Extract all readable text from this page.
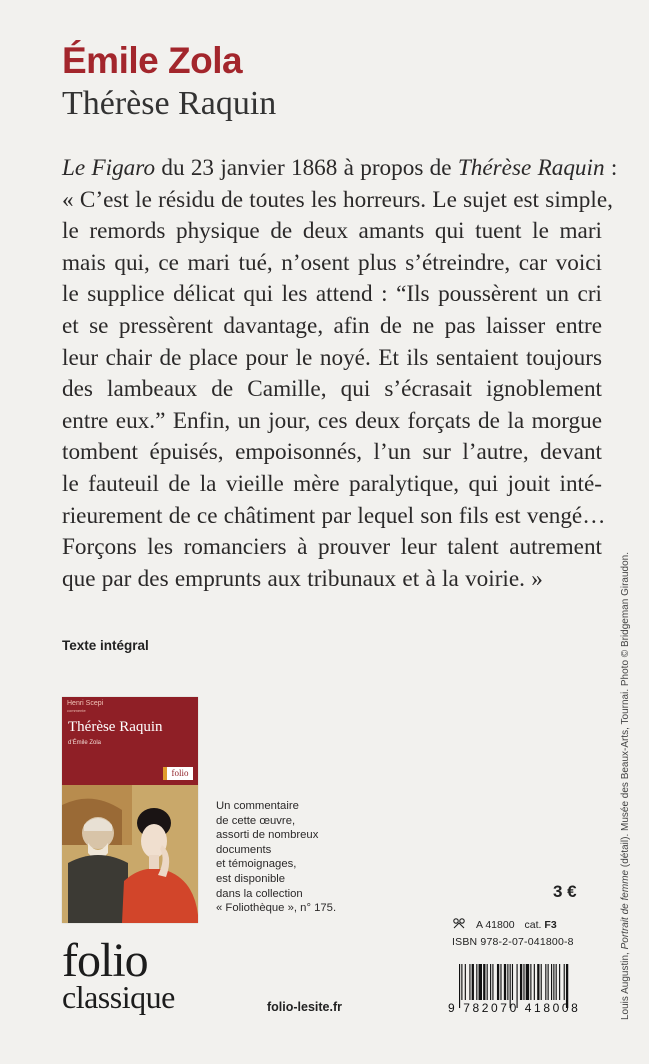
Émile Zola
Thérèse Raquin
Le Figaro du 23 janvier 1868 à propos de Thérèse Raquin :
« C’est le résidu de toutes les horreurs. Le sujet est simple,
le remords physique de deux amants qui tuent le mari
mais qui, ce mari tué, n’osent plus s’étreindre, car voici
le supplice délicat qui les attend : “Ils poussèrent un cri
et se pressèrent davantage, afin de ne pas laisser entre
leur chair de place pour le noyé. Et ils sentaient toujours
des lambeaux de Camille, qui s’écrasait ignoblement
entre eux.” Enfin, un jour, ces deux forçats de la morgue
tombent épuisés, empoisonnés, l’un sur l’autre, devant
le fauteuil de la vieille mère paralytique, qui jouit inté-
rieurement de ce châtiment par lequel son fils est vengé…
Forçons les romanciers à prouver leur talent autrement
que par des emprunts aux tribunaux et à la voirie. »
Texte intégral
Henri Scepi
commente
Thérèse Raquin
d’Émile Zola
folio
Un commentaire
de cette œuvre,
assorti de nombreux
documents
et témoignages,
est disponible
dans la collection
« Foliothèque », n° 175.
3 €
A 41800 cat. F3
ISBN 978-2-07-041800-8
9 782070 418008
folio
classique	folio-lesite.fr	Louis Augustin, Portrait de femme (détail). Musée des Beaux-Arts, Tournai. Photo © Bridgeman Giraudon.
